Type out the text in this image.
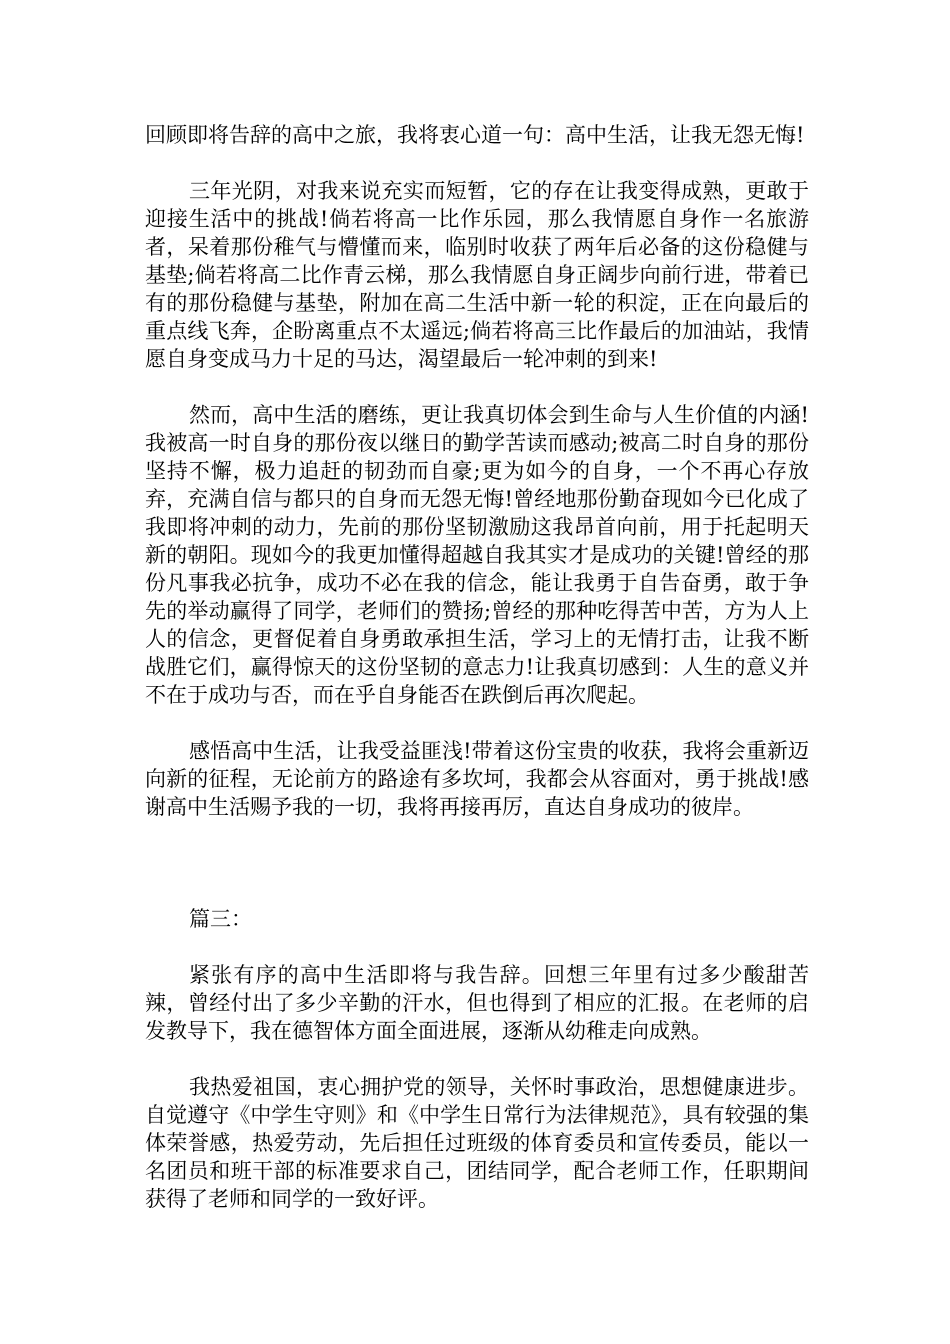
回顾即将告辞的高中之旅，我将衷心道一句：高中生活，让我无怨无悔!

三年光阴，对我来说充实而短暂，它的存在让我变得成熟，更敢于迎接生活中的挑战!倘若将高一比作乐园，那么我情愿自身作一名旅游者，呆着那份稚气与懵懂而来，临别时收获了两年后必备的这份稳健与基垫;倘若将高二比作青云梯，那么我情愿自身正阔步向前行进，带着已有的那份稳健与基垫，附加在高二生活中新一轮的积淀，正在向最后的重点线飞奔，企盼离重点不太遥远;倘若将高三比作最后的加油站，我情愿自身变成马力十足的马达，渴望最后一轮冲刺的到来!

然而，高中生活的磨练，更让我真切体会到生命与人生价值的内涵!我被高一时自身的那份夜以继日的勤学苦读而感动;被高二时自身的那份坚持不懈，极力追赶的韧劲而自豪;更为如今的自身，一个不再心存放弃，充满自信与都只的自身而无怨无悔!曾经地那份勤奋现如今已化成了我即将冲刺的动力，先前的那份坚韧激励这我昂首向前，用于托起明天新的朝阳。现如今的我更加懂得超越自我其实才是成功的关键!曾经的那份凡事我必抗争，成功不必在我的信念，能让我勇于自告奋勇，敢于争先的举动赢得了同学，老师们的赞扬;曾经的那种吃得苦中苦，方为人上人的信念，更督促着自身勇敢承担生活，学习上的无情打击，让我不断战胜它们，赢得惊天的这份坚韧的意志力!让我真切感到：人生的意义并不在于成功与否，而在乎自身能否在跌倒后再次爬起。

感悟高中生活，让我受益匪浅!带着这份宝贵的收获，我将会重新迈向新的征程，无论前方的路途有多坎坷，我都会从容面对，勇于挑战!感谢高中生活赐予我的一切，我将再接再厉，直达自身成功的彼岸。

篇三：

紧张有序的高中生活即将与我告辞。回想三年里有过多少酸甜苦辣，曾经付出了多少辛勤的汗水，但也得到了相应的汇报。在老师的启发教导下，我在德智体方面全面进展，逐渐从幼稚走向成熟。

我热爱祖国，衷心拥护党的领导，关怀时事政治，思想健康进步。自觉遵守《中学生守则》和《中学生日常行为法律规范》，具有较强的集体荣誉感，热爱劳动，先后担任过班级的体育委员和宣传委员，能以一名团员和班干部的标准要求自己，团结同学，配合老师工作，任职期间获得了老师和同学的一致好评。
